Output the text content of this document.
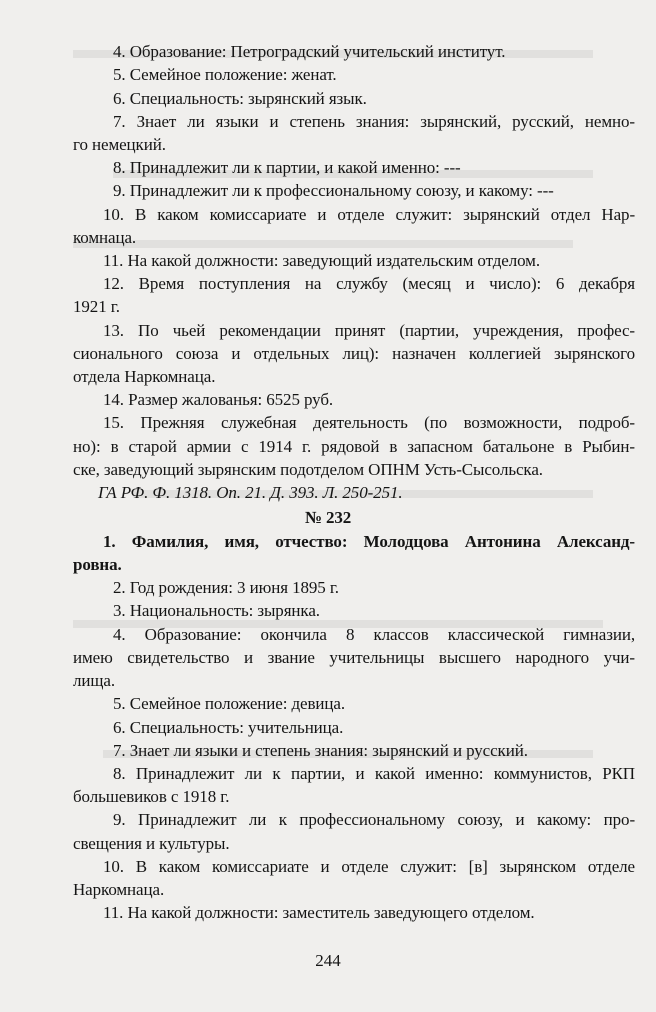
4. Образование: Петроградский учительский институт.
5. Семейное положение: женат.
6. Специальность: зырянский язык.
7. Знает ли языки и степень знания: зырянский, русский, немно-
го немецкий.
8. Принадлежит ли к партии, и какой именно: ---
9. Принадлежит ли к профессиональному союзу, и какому: ---
10. В каком комиссариате и отделе служит: зырянский отдел Нар-
комнаца.
11. На какой должности: заведующий издательским отделом.
12. Время поступления на службу (месяц и число): 6 декабря
1921 г.
13. По чьей рекомендации принят (партии, учреждения, профес-
сионального союза и отдельных лиц): назначен коллегией зырянского
отдела Наркомнаца.
14. Размер жалованья: 6525 руб.
15. Прежняя служебная деятельность (по возможности, подроб-
но): в старой армии с 1914 г. рядовой в запасном батальоне в Рыбин-
ске, заведующий зырянским подотделом ОПНМ Усть-Сысольска.
ГА РФ. Ф. 1318. Оп. 21. Д. 393. Л. 250-251.
№ 232
1. Фамилия, имя, отчество: Молодцова Антонина Александ-
ровна.
2. Год рождения: 3 июня 1895 г.
3. Национальность: зырянка.
4. Образование: окончила 8 классов классической гимназии,
имею свидетельство и звание учительницы высшего народного учи-
лища.
5. Семейное положение: девица.
6. Специальность: учительница.
7. Знает ли языки и степень знания: зырянский и русский.
8. Принадлежит ли к партии, и какой именно: коммунистов, РКП
большевиков с 1918 г.
9. Принадлежит ли к профессиональному союзу, и какому: про-
свещения и культуры.
10. В каком комиссариате и отделе служит: [в] зырянском отделе
Наркомнаца.
11. На какой должности: заместитель заведующего отделом.
244
